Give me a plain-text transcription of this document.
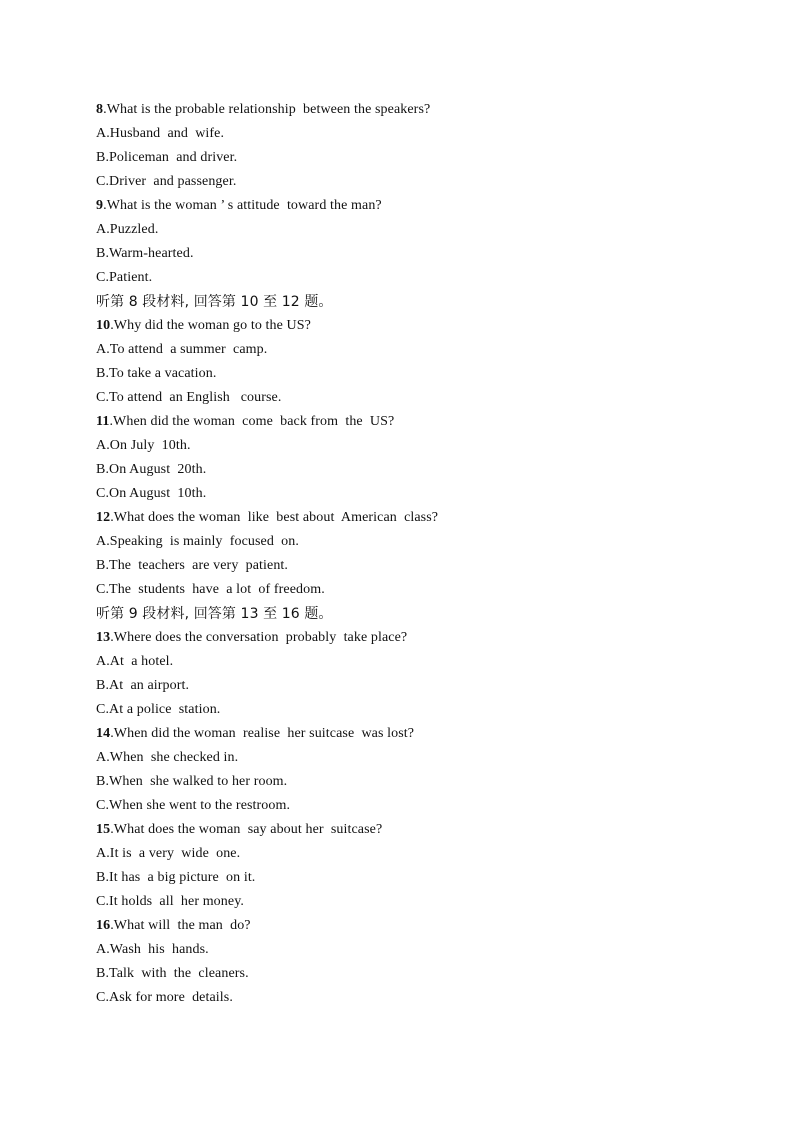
8.What is the probable relationship  between the speakers?
A.Husband  and  wife.
B.Policeman  and driver.
C.Driver  and passenger.
9.What is the woman ’ s attitude  toward the man?
A.Puzzled.
B.Warm-hearted.
C.Patient.
听第 8 段材料, 回答第 10 至 12 题。
10.Why did the woman go to the US?
A.To attend  a summer  camp.
B.To take a vacation.
C.To attend  an English   course.
11.When did the woman  come  back from  the  US?
A.On July  10th.
B.On August  20th.
C.On August  10th.
12.What does the woman  like  best about  American  class?
A.Speaking  is mainly  focused  on.
B.The  teachers  are very  patient.
C.The  students  have  a lot  of freedom.
听第 9 段材料, 回答第 13 至 16 题。
13.Where does the conversation  probably  take place?
A.At  a hotel.
B.At  an airport.
C.At a police  station.
14.When did the woman  realise  her suitcase  was lost?
A.When  she checked in.
B.When  she walked to her room.
C.When she went to the restroom.
15.What does the woman  say about her  suitcase?
A.It is  a very  wide  one.
B.It has  a big picture  on it.
C.It holds  all  her money.
16.What will  the man  do?
A.Wash  his  hands.
B.Talk  with  the  cleaners.
C.Ask for more  details.
